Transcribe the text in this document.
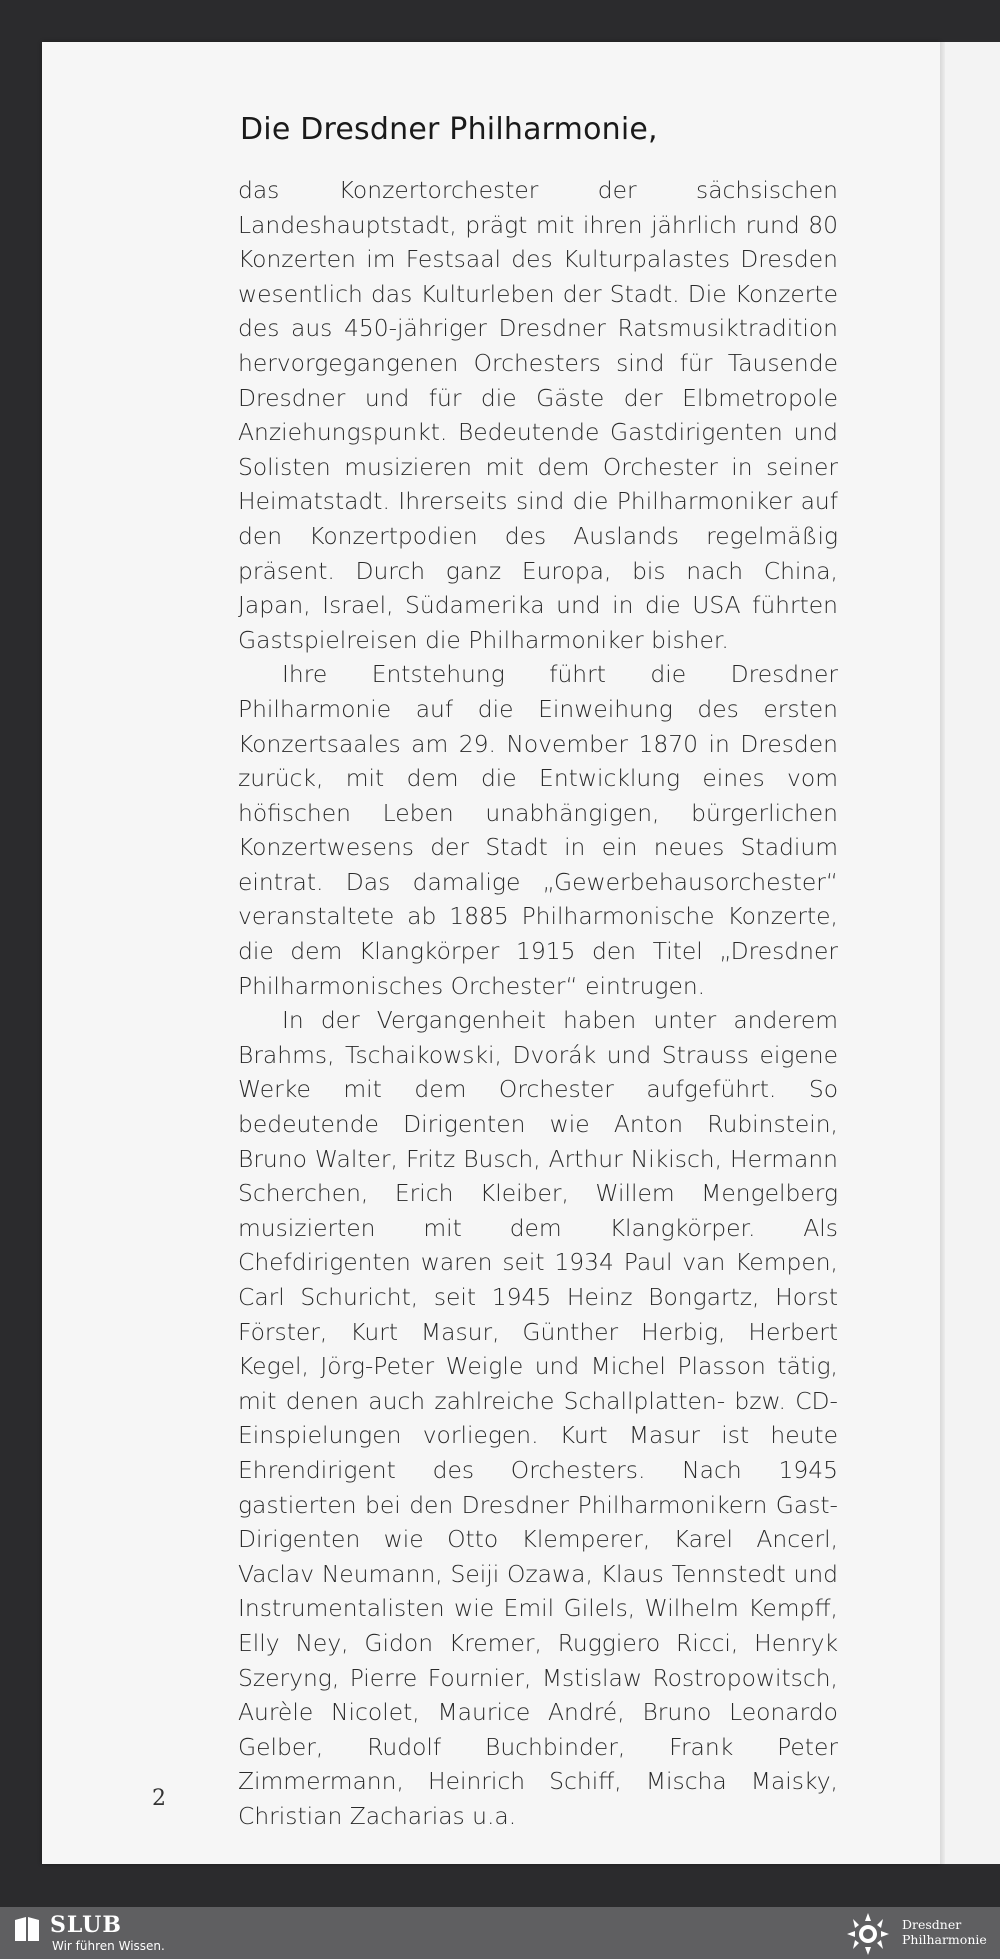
Die Dresdner Philharmonie,

das Konzertorchester der sächsischen Landeshauptstadt, prägt mit ihren jährlich rund 80 Konzerten im Festsaal des Kulturpalastes Dresden wesentlich das Kulturleben der Stadt. Die Konzerte des aus 450-jähriger Dresdner Ratsmusiktradition hervorgegangenen Orchesters sind für Tausende Dresdner und für die Gäste der Elbmetropole Anziehungspunkt. Bedeutende Gastdirigenten und Solisten musizieren mit dem Orchester in seiner Heimatstadt. Ihrerseits sind die Philharmoniker auf den Konzertpodien des Auslands regelmäßig präsent. Durch ganz Europa, bis nach China, Japan, Israel, Südamerika und in die USA führten Gastspielreisen die Philharmoniker bisher.

Ihre Entstehung führt die Dresdner Philharmonie auf die Einweihung des ersten Konzertsaales am 29. November 1870 in Dresden zurück, mit dem die Entwicklung eines vom höfischen Leben unabhängigen, bürgerlichen Konzertwesens der Stadt in ein neues Stadium eintrat. Das damalige „Gewerbehausorchester“ veranstaltete ab 1885 Philharmonische Konzerte, die dem Klangkörper 1915 den Titel „Dresdner Philharmonisches Orchester“ eintrugen.

In der Vergangenheit haben unter anderem Brahms, Tschaikowski, Dvorák und Strauss eigene Werke mit dem Orchester aufgeführt. So bedeutende Dirigenten wie Anton Rubinstein, Bruno Walter, Fritz Busch, Arthur Nikisch, Hermann Scherchen, Erich Kleiber, Willem Mengelberg musizierten mit dem Klangkörper. Als Chefdirigenten waren seit 1934 Paul van Kempen, Carl Schuricht, seit 1945 Heinz Bongartz, Horst Förster, Kurt Masur, Günther Herbig, Herbert Kegel, Jörg-Peter Weigle und Michel Plasson tätig, mit denen auch zahlreiche Schallplatten- bzw. CD-Einspielungen vorliegen. Kurt Masur ist heute Ehrendirigent des Orchesters. Nach 1945 gastierten bei den Dresdner Philharmonikern Gast-Dirigenten wie Otto Klemperer, Karel Ancerl, Vaclav Neumann, Seiji Ozawa, Klaus Tennstedt und Instrumentalisten wie Emil Gilels, Wilhelm Kempff, Elly Ney, Gidon Kremer, Ruggiero Ricci, Henryk Szeryng, Pierre Fournier, Mstislaw Rostropowitsch, Aurèle Nicolet, Maurice André, Bruno Leonardo Gelber, Rudolf Buchbinder, Frank Peter Zimmermann, Heinrich Schiff, Mischa Maisky, Christian Zacharias u.a.

2
SLUB
Wir führen Wissen.
Dresdner
Philharmonie
